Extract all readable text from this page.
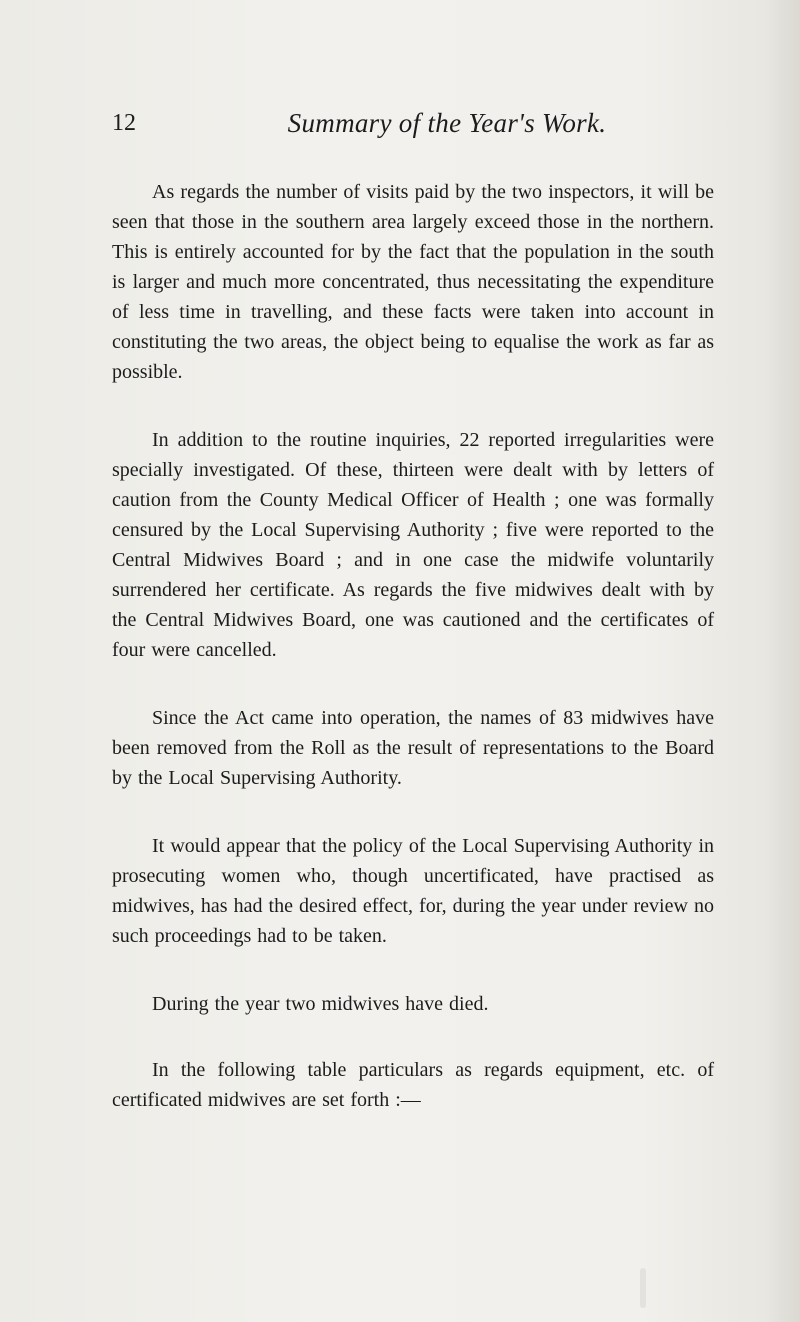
12	Summary of the Year's Work.

As regards the number of visits paid by the two inspectors, it will be seen that those in the southern area largely exceed those in the northern. This is entirely accounted for by the fact that the population in the south is larger and much more concentrated, thus necessitating the expenditure of less time in travelling, and these facts were taken into account in constituting the two areas, the object being to equalise the work as far as possible.

In addition to the routine inquiries, 22 reported irregularities were specially investigated. Of these, thirteen were dealt with by letters of caution from the County Medical Officer of Health ; one was formally censured by the Local Supervising Authority ; five were reported to the Central Midwives Board ; and in one case the midwife voluntarily surrendered her certificate. As regards the five midwives dealt with by the Central Midwives Board, one was cautioned and the certificates of four were cancelled.

Since the Act came into operation, the names of 83 midwives have been removed from the Roll as the result of representations to the Board by the Local Supervising Authority.

It would appear that the policy of the Local Supervising Authority in prosecuting women who, though uncertificated, have practised as midwives, has had the desired effect, for, during the year under review no such proceedings had to be taken.

During the year two midwives have died.

In the following table particulars as regards equipment, etc. of certificated midwives are set forth :—
